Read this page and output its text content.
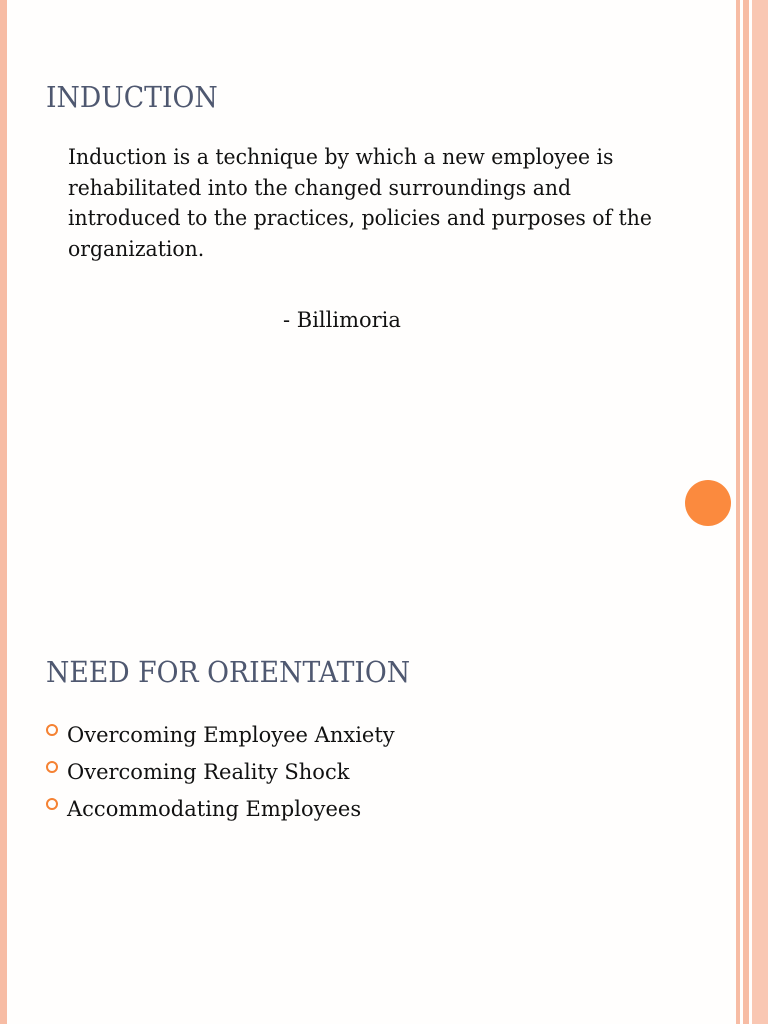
INDUCTION

Induction is a technique by which a new employee is rehabilitated into the changed surroundings and introduced to the practices, policies and purposes of the organization.

- Billimoria

NEED FOR ORIENTATION
Overcoming Employee Anxiety
Overcoming Reality Shock
Accommodating Employees
